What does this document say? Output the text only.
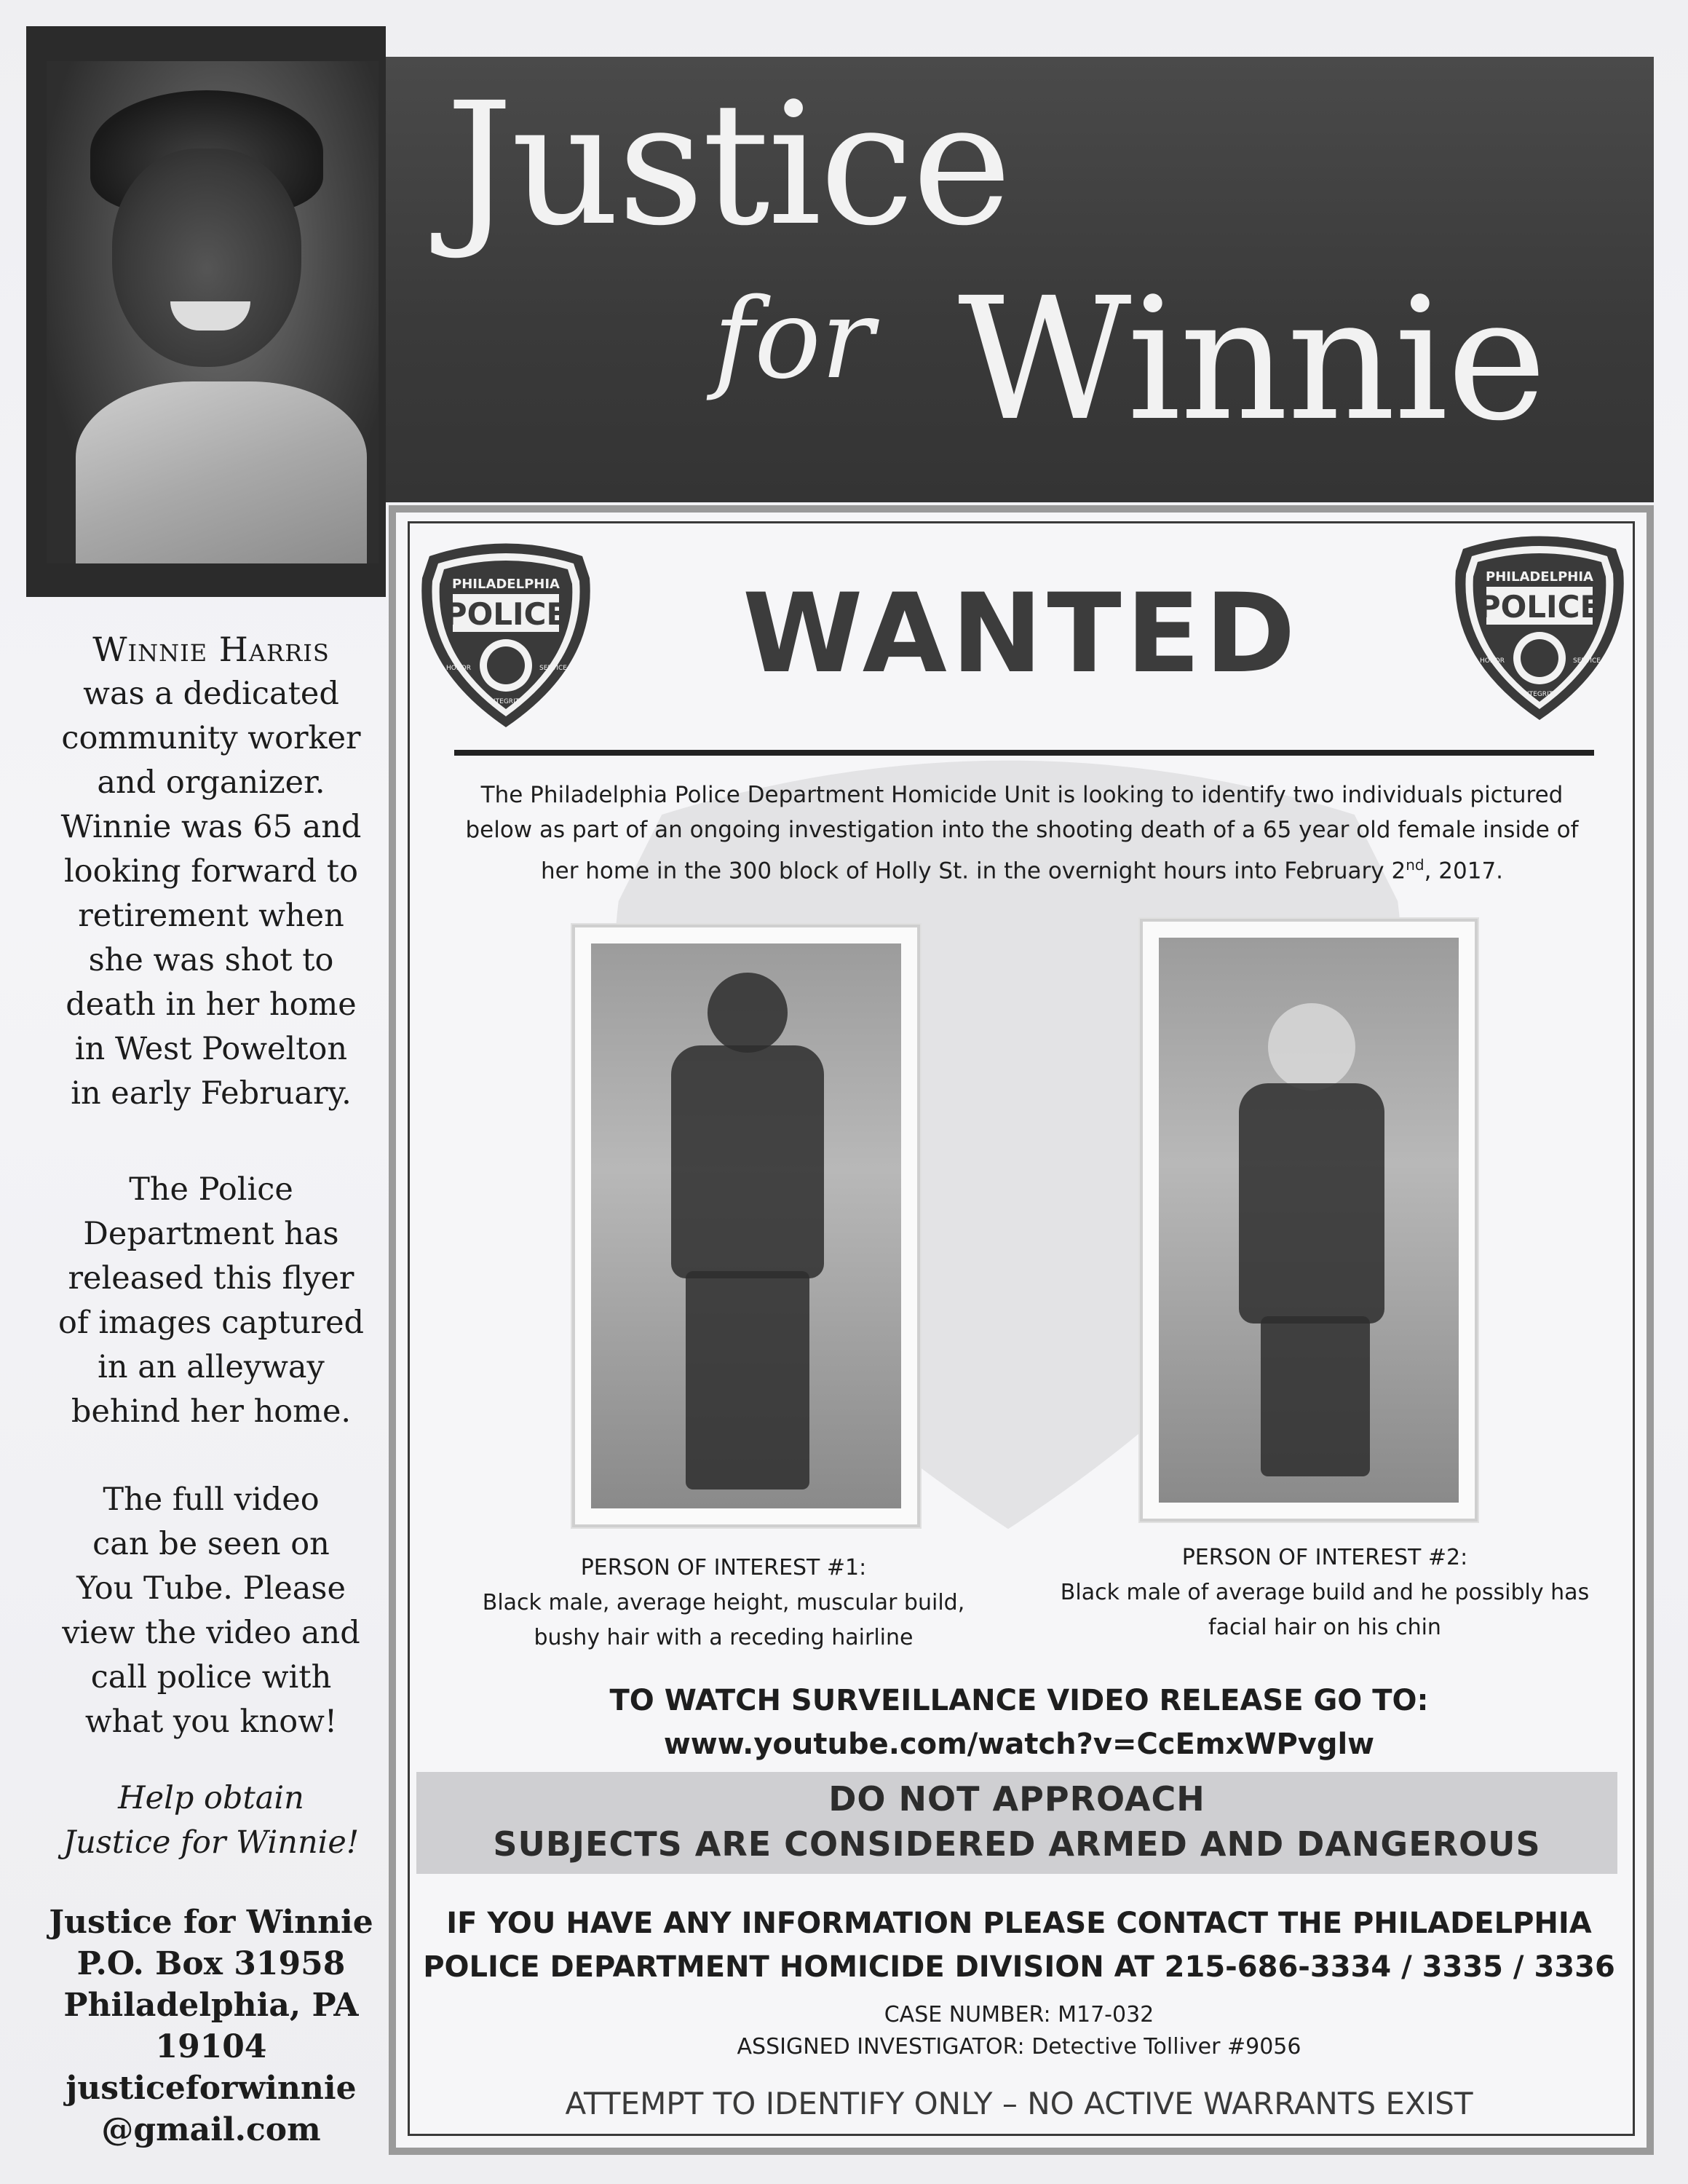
Winnie Harris
was a dedicated
community worker
and organizer.
Winnie was 65 and
looking forward to
retirement when
she was shot to
death in her home
in West Powelton
in early February.
The Police
Department has
released this flyer
of images captured
in an alleyway
behind her home.
The full video
can be seen on
You Tube. Please
view the video and
call police with
what you know!
Help obtain
Justice for Winnie!
Justice for Winnie
P.O. Box 31958
Philadelphia, PA
19104
justiceforwinnie
@gmail.com
Justice
for Winnie
PHILADELPHIA
POLICE
HONOR	SERVICE
INTEGRITY
PHILADELPHIA
POLICE
HONOR	SERVICE
INTEGRITY
WANTED
The Philadelphia Police Department Homicide Unit is looking to identify two individuals pictured
below as part of an ongoing investigation into the shooting death of a 65 year old female inside of
her home in the 300 block of Holly St. in the overnight hours into February 2nd, 2017.
PERSON OF INTEREST #1:
Black male, average height, muscular build,
bushy hair with a receding hairline
PERSON OF INTEREST #2:
Black male of average build and he possibly has
facial hair on his chin
TO WATCH SURVEILLANCE VIDEO RELEASE GO TO:
www.youtube.com/watch?v=CcEmxWPvglw
DO NOT APPROACH
SUBJECTS ARE CONSIDERED ARMED AND DANGEROUS
IF YOU HAVE ANY INFORMATION PLEASE CONTACT THE PHILADELPHIA
POLICE DEPARTMENT HOMICIDE DIVISION AT 215-686-3334 / 3335 / 3336
CASE NUMBER: M17-032
ASSIGNED INVESTIGATOR: Detective Tolliver #9056
ATTEMPT TO IDENTIFY ONLY – NO ACTIVE WARRANTS EXIST
